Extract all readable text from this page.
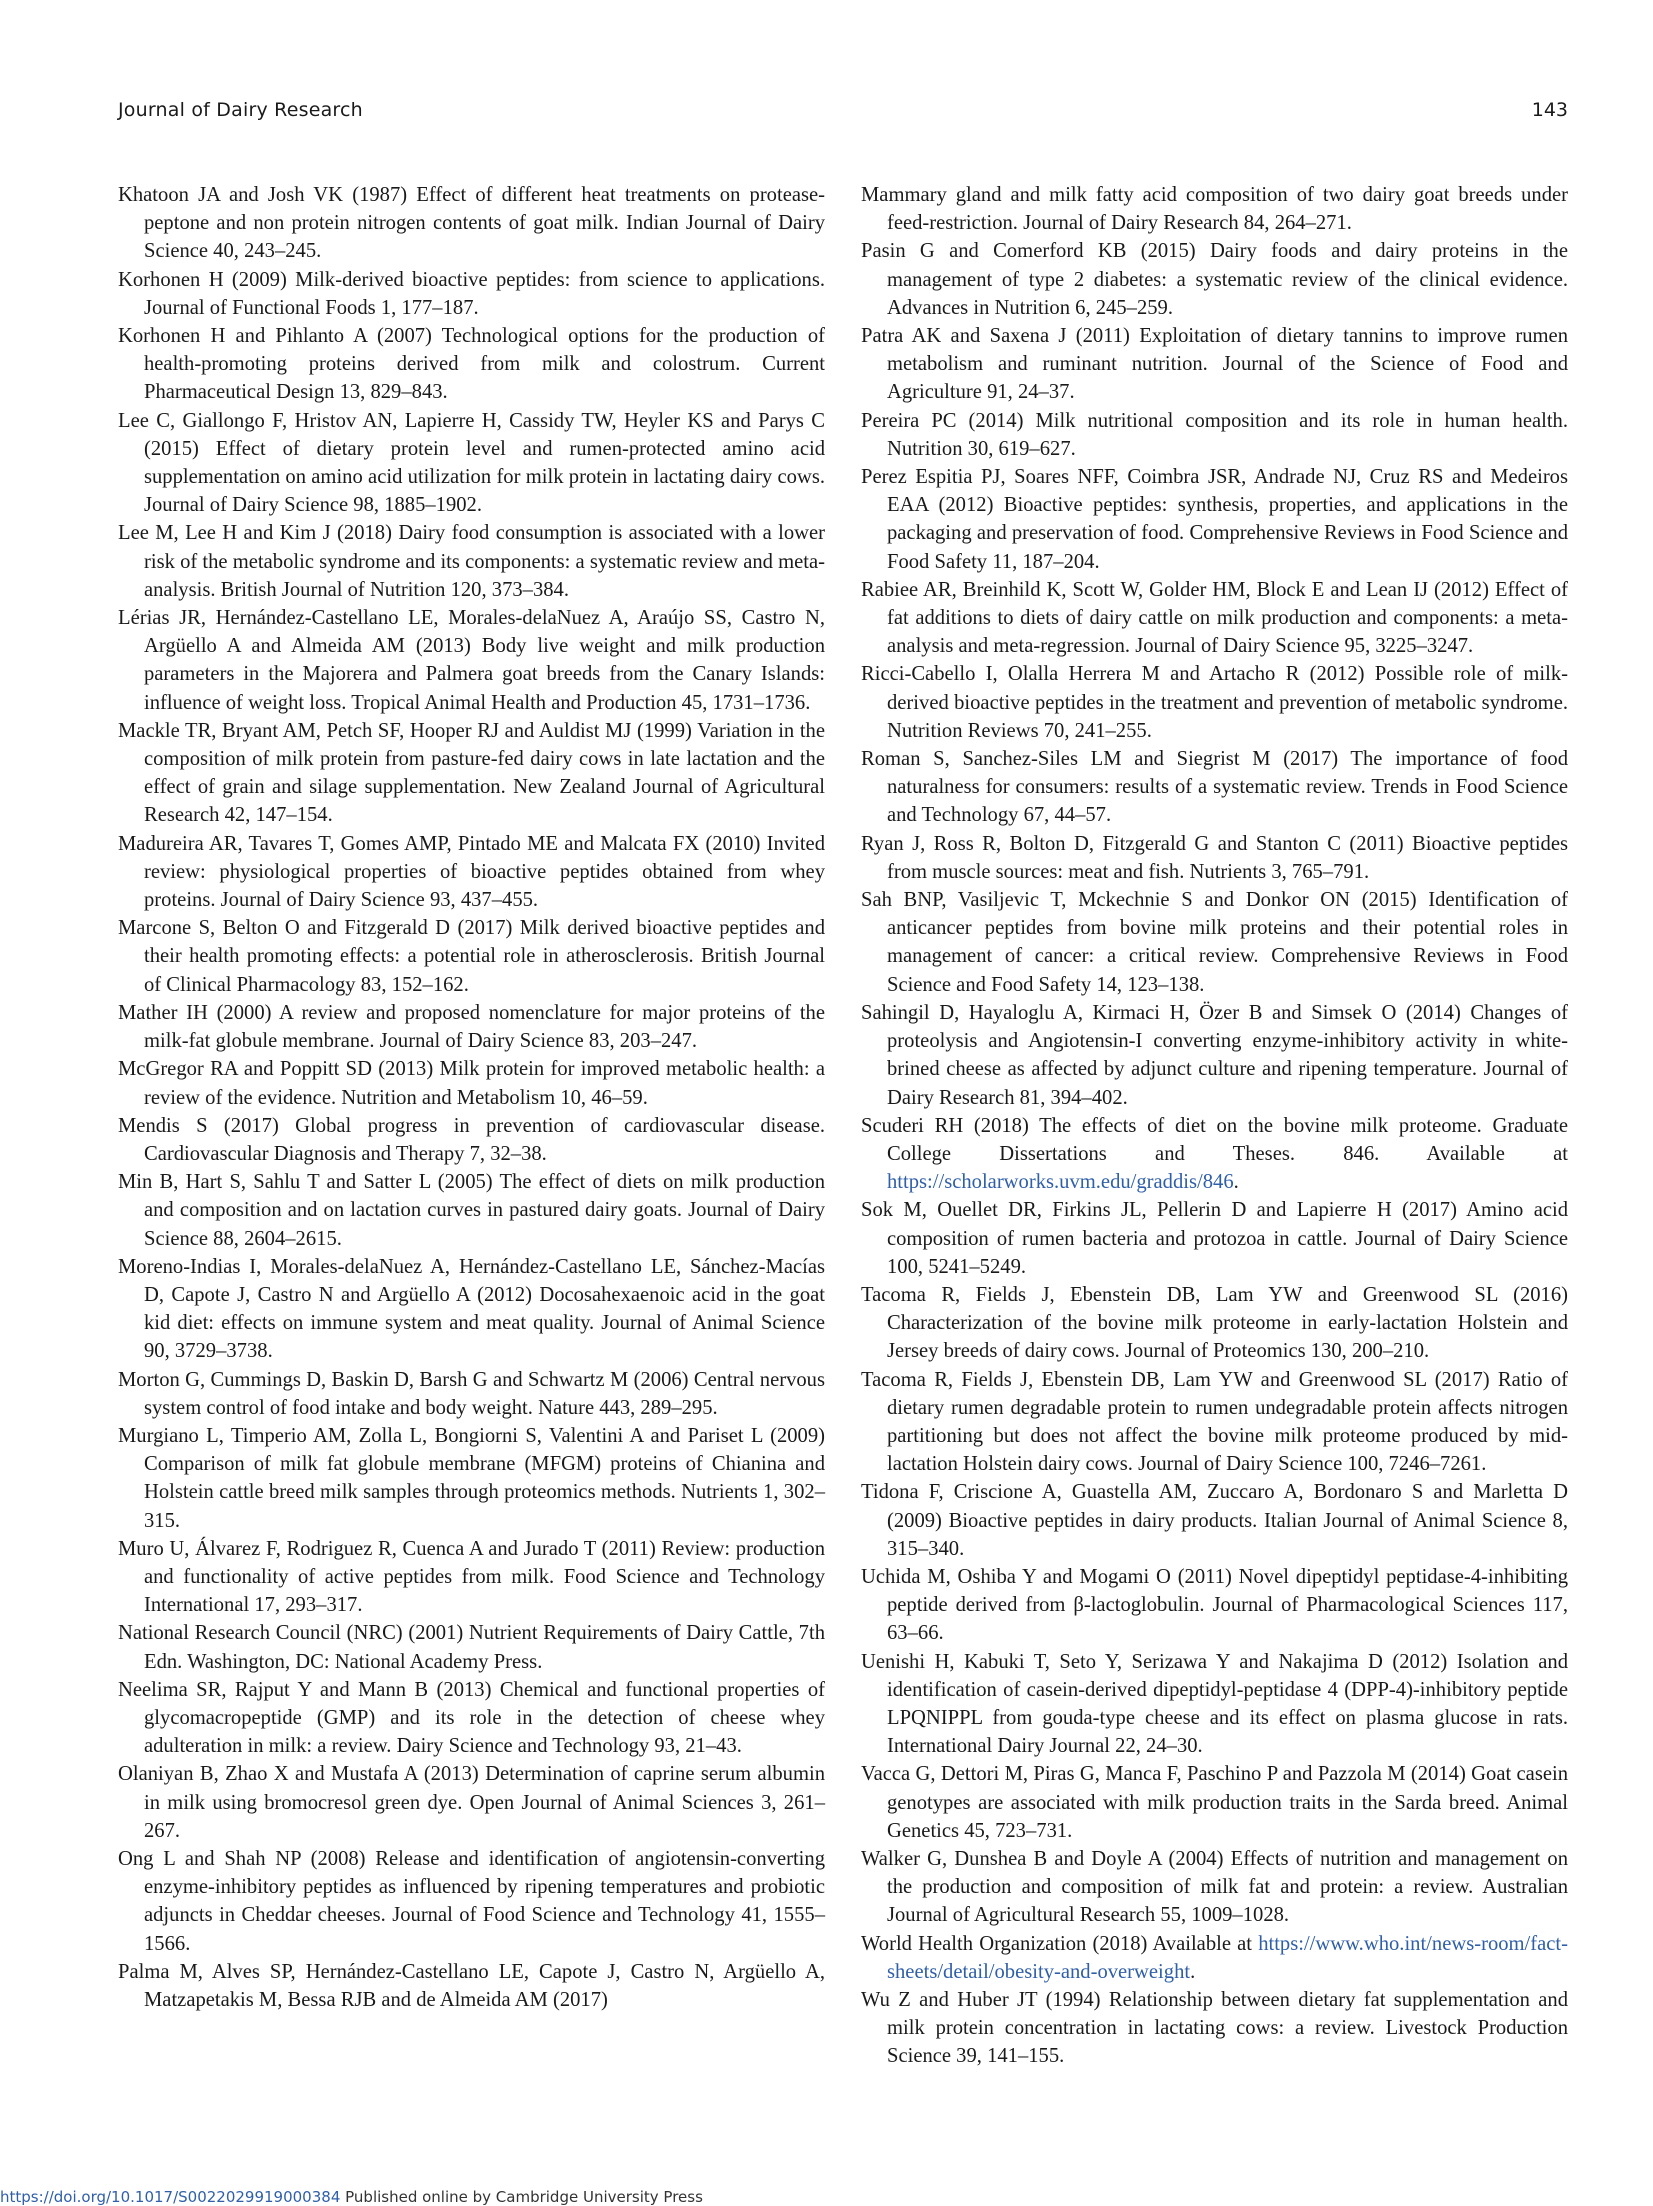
Journal of Dairy Research	143

Khatoon JA and Josh VK (1987) Effect of different heat treatments on protease-peptone and non protein nitrogen contents of goat milk. Indian Journal of Dairy Science 40, 243–245.

Korhonen H (2009) Milk-derived bioactive peptides: from science to applications. Journal of Functional Foods 1, 177–187.

Korhonen H and Pihlanto A (2007) Technological options for the production of health-promoting proteins derived from milk and colostrum. Current Pharmaceutical Design 13, 829–843.

Lee C, Giallongo F, Hristov AN, Lapierre H, Cassidy TW, Heyler KS and Parys C (2015) Effect of dietary protein level and rumen-protected amino acid supplementation on amino acid utilization for milk protein in lactating dairy cows. Journal of Dairy Science 98, 1885–1902.

Lee M, Lee H and Kim J (2018) Dairy food consumption is associated with a lower risk of the metabolic syndrome and its components: a systematic review and meta-analysis. British Journal of Nutrition 120, 373–384.

Lérias JR, Hernández-Castellano LE, Morales-delaNuez A, Araújo SS, Castro N, Argüello A and Almeida AM (2013) Body live weight and milk production parameters in the Majorera and Palmera goat breeds from the Canary Islands: influence of weight loss. Tropical Animal Health and Production 45, 1731–1736.

Mackle TR, Bryant AM, Petch SF, Hooper RJ and Auldist MJ (1999) Variation in the composition of milk protein from pasture-fed dairy cows in late lactation and the effect of grain and silage supplementation. New Zealand Journal of Agricultural Research 42, 147–154.

Madureira AR, Tavares T, Gomes AMP, Pintado ME and Malcata FX (2010) Invited review: physiological properties of bioactive peptides obtained from whey proteins. Journal of Dairy Science 93, 437–455.

Marcone S, Belton O and Fitzgerald D (2017) Milk derived bioactive peptides and their health promoting effects: a potential role in atherosclerosis. British Journal of Clinical Pharmacology 83, 152–162.

Mather IH (2000) A review and proposed nomenclature for major proteins of the milk-fat globule membrane. Journal of Dairy Science 83, 203–247.

McGregor RA and Poppitt SD (2013) Milk protein for improved metabolic health: a review of the evidence. Nutrition and Metabolism 10, 46–59.

Mendis S (2017) Global progress in prevention of cardiovascular disease. Cardiovascular Diagnosis and Therapy 7, 32–38.

Min B, Hart S, Sahlu T and Satter L (2005) The effect of diets on milk production and composition and on lactation curves in pastured dairy goats. Journal of Dairy Science 88, 2604–2615.

Moreno-Indias I, Morales-delaNuez A, Hernández-Castellano LE, Sánchez-Macías D, Capote J, Castro N and Argüello A (2012) Docosahexaenoic acid in the goat kid diet: effects on immune system and meat quality. Journal of Animal Science 90, 3729–3738.

Morton G, Cummings D, Baskin D, Barsh G and Schwartz M (2006) Central nervous system control of food intake and body weight. Nature 443, 289–295.

Murgiano L, Timperio AM, Zolla L, Bongiorni S, Valentini A and Pariset L (2009) Comparison of milk fat globule membrane (MFGM) proteins of Chianina and Holstein cattle breed milk samples through proteomics methods. Nutrients 1, 302–315.

Muro U, Álvarez F, Rodriguez R, Cuenca A and Jurado T (2011) Review: production and functionality of active peptides from milk. Food Science and Technology International 17, 293–317.

National Research Council (NRC) (2001) Nutrient Requirements of Dairy Cattle, 7th Edn. Washington, DC: National Academy Press.

Neelima SR, Rajput Y and Mann B (2013) Chemical and functional properties of glycomacropeptide (GMP) and its role in the detection of cheese whey adulteration in milk: a review. Dairy Science and Technology 93, 21–43.

Olaniyan B, Zhao X and Mustafa A (2013) Determination of caprine serum albumin in milk using bromocresol green dye. Open Journal of Animal Sciences 3, 261–267.

Ong L and Shah NP (2008) Release and identification of angiotensin-converting enzyme-inhibitory peptides as influenced by ripening temperatures and probiotic adjuncts in Cheddar cheeses. Journal of Food Science and Technology 41, 1555–1566.

Palma M, Alves SP, Hernández-Castellano LE, Capote J, Castro N, Argüello A, Matzapetakis M, Bessa RJB and de Almeida AM (2017)

Mammary gland and milk fatty acid composition of two dairy goat breeds under feed-restriction. Journal of Dairy Research 84, 264–271.

Pasin G and Comerford KB (2015) Dairy foods and dairy proteins in the management of type 2 diabetes: a systematic review of the clinical evidence. Advances in Nutrition 6, 245–259.

Patra AK and Saxena J (2011) Exploitation of dietary tannins to improve rumen metabolism and ruminant nutrition. Journal of the Science of Food and Agriculture 91, 24–37.

Pereira PC (2014) Milk nutritional composition and its role in human health. Nutrition 30, 619–627.

Perez Espitia PJ, Soares NFF, Coimbra JSR, Andrade NJ, Cruz RS and Medeiros EAA (2012) Bioactive peptides: synthesis, properties, and applications in the packaging and preservation of food. Comprehensive Reviews in Food Science and Food Safety 11, 187–204.

Rabiee AR, Breinhild K, Scott W, Golder HM, Block E and Lean IJ (2012) Effect of fat additions to diets of dairy cattle on milk production and components: a meta-analysis and meta-regression. Journal of Dairy Science 95, 3225–3247.

Ricci-Cabello I, Olalla Herrera M and Artacho R (2012) Possible role of milk-derived bioactive peptides in the treatment and prevention of metabolic syndrome. Nutrition Reviews 70, 241–255.

Roman S, Sanchez-Siles LM and Siegrist M (2017) The importance of food naturalness for consumers: results of a systematic review. Trends in Food Science and Technology 67, 44–57.

Ryan J, Ross R, Bolton D, Fitzgerald G and Stanton C (2011) Bioactive peptides from muscle sources: meat and fish. Nutrients 3, 765–791.

Sah BNP, Vasiljevic T, Mckechnie S and Donkor ON (2015) Identification of anticancer peptides from bovine milk proteins and their potential roles in management of cancer: a critical review. Comprehensive Reviews in Food Science and Food Safety 14, 123–138.

Sahingil D, Hayaloglu A, Kirmaci H, Özer B and Simsek O (2014) Changes of proteolysis and Angiotensin-I converting enzyme-inhibitory activity in white-brined cheese as affected by adjunct culture and ripening temperature. Journal of Dairy Research 81, 394–402.

Scuderi RH (2018) The effects of diet on the bovine milk proteome. Graduate College Dissertations and Theses. 846. Available at https://scholarworks.uvm.edu/graddis/846.

Sok M, Ouellet DR, Firkins JL, Pellerin D and Lapierre H (2017) Amino acid composition of rumen bacteria and protozoa in cattle. Journal of Dairy Science 100, 5241–5249.

Tacoma R, Fields J, Ebenstein DB, Lam YW and Greenwood SL (2016) Characterization of the bovine milk proteome in early-lactation Holstein and Jersey breeds of dairy cows. Journal of Proteomics 130, 200–210.

Tacoma R, Fields J, Ebenstein DB, Lam YW and Greenwood SL (2017) Ratio of dietary rumen degradable protein to rumen undegradable protein affects nitrogen partitioning but does not affect the bovine milk proteome produced by mid-lactation Holstein dairy cows. Journal of Dairy Science 100, 7246–7261.

Tidona F, Criscione A, Guastella AM, Zuccaro A, Bordonaro S and Marletta D (2009) Bioactive peptides in dairy products. Italian Journal of Animal Science 8, 315–340.

Uchida M, Oshiba Y and Mogami O (2011) Novel dipeptidyl peptidase-4-inhibiting peptide derived from β-lactoglobulin. Journal of Pharmacological Sciences 117, 63–66.

Uenishi H, Kabuki T, Seto Y, Serizawa Y and Nakajima D (2012) Isolation and identification of casein-derived dipeptidyl-peptidase 4 (DPP-4)-inhibitory peptide LPQNIPPL from gouda-type cheese and its effect on plasma glucose in rats. International Dairy Journal 22, 24–30.

Vacca G, Dettori M, Piras G, Manca F, Paschino P and Pazzola M (2014) Goat casein genotypes are associated with milk production traits in the Sarda breed. Animal Genetics 45, 723–731.

Walker G, Dunshea B and Doyle A (2004) Effects of nutrition and management on the production and composition of milk fat and protein: a review. Australian Journal of Agricultural Research 55, 1009–1028.

World Health Organization (2018) Available at https://www.who.int/news-room/fact-sheets/detail/obesity-and-overweight.

Wu Z and Huber JT (1994) Relationship between dietary fat supplementation and milk protein concentration in lactating cows: a review. Livestock Production Science 39, 141–155.

https://doi.org/10.1017/S0022029919000384 Published online by Cambridge University Press
